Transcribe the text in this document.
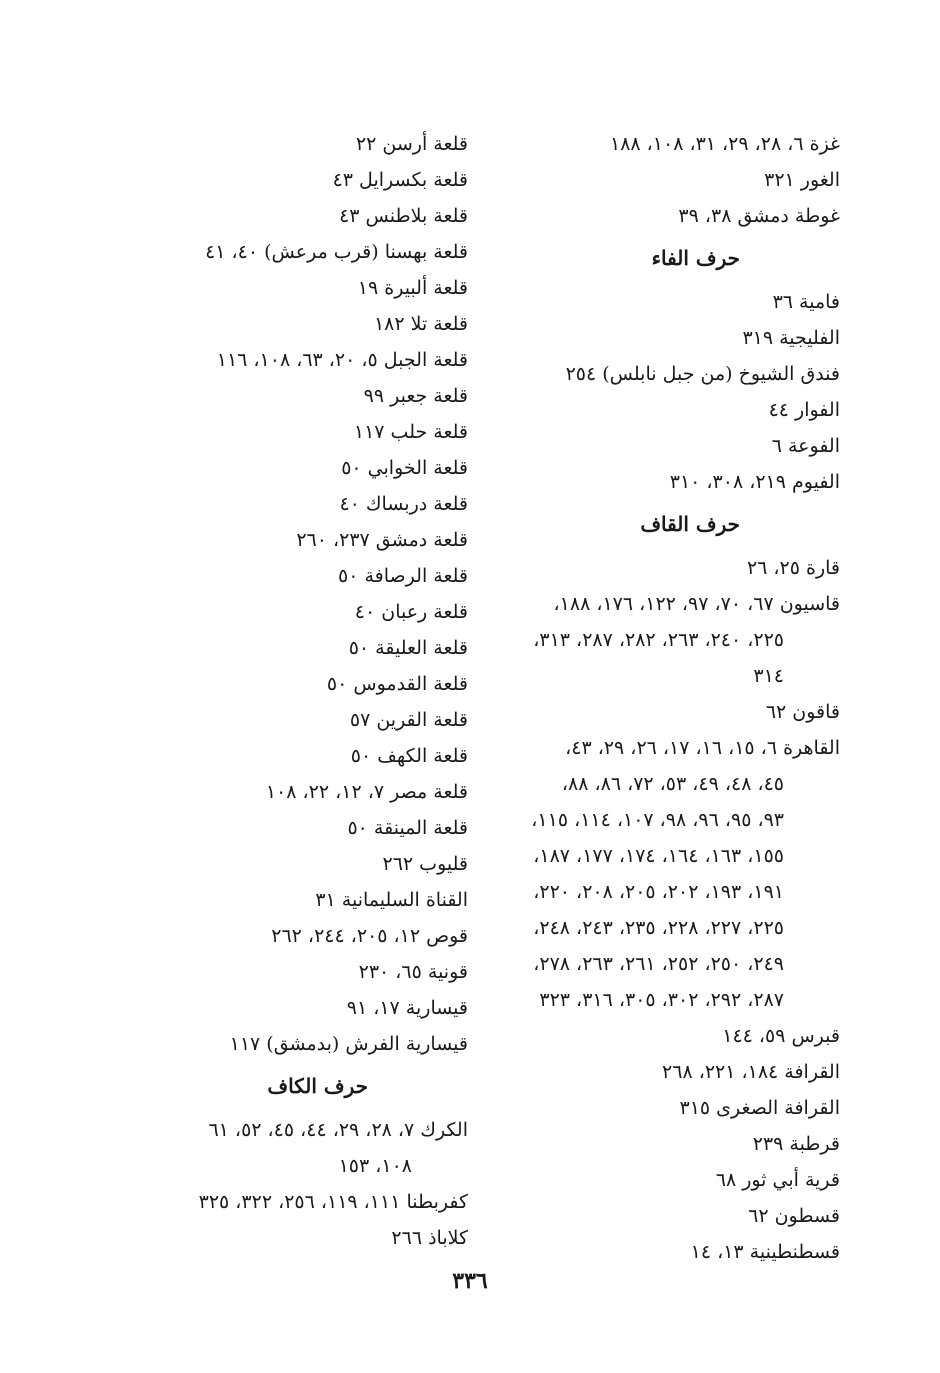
غزة ٦، ٢٨، ٢٩، ٣١، ١٠٨، ١٨٨
الغور ٣٢١
غوطة دمشق ٣٨، ٣٩
حرف الفاء
فامية ٣٦
الفليجية ٣١٩
فندق الشيوخ (من جبل نابلس) ٢٥٤
الفوار ٤٤
الفوعة ٦
الفيوم ٢١٩، ٣٠٨، ٣١٠
حرف القاف
قارة ٢٥، ٢٦
قاسيون ٦٧، ٧٠، ٩٧، ١٢٢، ١٧٦، ١٨٨،
٢٢٥، ٢٤٠، ٢٦٣، ٢٨٢، ٢٨٧، ٣١٣،
٣١٤
قاقون ٦٢
القاهرة ٦، ١٥، ١٦، ١٧، ٢٦، ٢٩، ٤٣،
٤٥، ٤٨، ٤٩، ٥٣، ٧٢، ٨٦، ٨٨،
٩٣، ٩٥، ٩٦، ٩٨، ١٠٧، ١١٤، ١١٥،
١٥٥، ١٦٣، ١٦٤، ١٧٤، ١٧٧، ١٨٧،
١٩١، ١٩٣، ٢٠٢، ٢٠٥، ٢٠٨، ٢٢٠،
٢٢٥، ٢٢٧، ٢٢٨، ٢٣٥، ٢٤٣، ٢٤٨،
٢٤٩، ٢٥٠، ٢٥٢، ٢٦١، ٢٦٣، ٢٧٨،
٢٨٧، ٢٩٢، ٣٠٢، ٣٠٥، ٣١٦، ٣٢٣
قبرس ٥٩، ١٤٤
القرافة ١٨٤، ٢٢١، ٢٦٨
القرافة الصغرى ٣١٥
قرطبة ٢٣٩
قرية أبي ثور ٦٨
قسطون ٦٢
قسطنطينية ١٣، ١٤
قلعة أرسن ٢٢
قلعة بكسرايل ٤٣
قلعة بلاطنس ٤٣
قلعة بهسنا (قرب مرعش) ٤٠، ٤١
قلعة ألبيرة ١٩
قلعة تلا ١٨٢
قلعة الجبل ٥، ٢٠، ٦٣، ١٠٨، ١١٦
قلعة جعبر ٩٩
قلعة حلب ١١٧
قلعة الخوابي ٥٠
قلعة دربساك ٤٠
قلعة دمشق ٢٣٧، ٢٦٠
قلعة الرصافة ٥٠
قلعة رعبان ٤٠
قلعة العليقة ٥٠
قلعة القدموس ٥٠
قلعة القرين ٥٧
قلعة الكهف ٥٠
قلعة مصر ٧، ١٢، ٢٢، ١٠٨
قلعة المينقة ٥٠
قليوب ٢٦٢
القناة السليمانية ٣١
قوص ١٢، ٢٠٥، ٢٤٤، ٢٦٢
قونية ٦٥، ٢٣٠
قيسارية ١٧، ٩١
قيسارية الفرش (بدمشق) ١١٧
حرف الكاف
الكرك ٧، ٢٨، ٢٩، ٤٤، ٤٥، ٥٢، ٦١
١٠٨، ١٥٣
كفربطنا ١١١، ١١٩، ٢٥٦، ٣٢٢، ٣٢٥
كلاباذ ٢٦٦
٣٣٦
